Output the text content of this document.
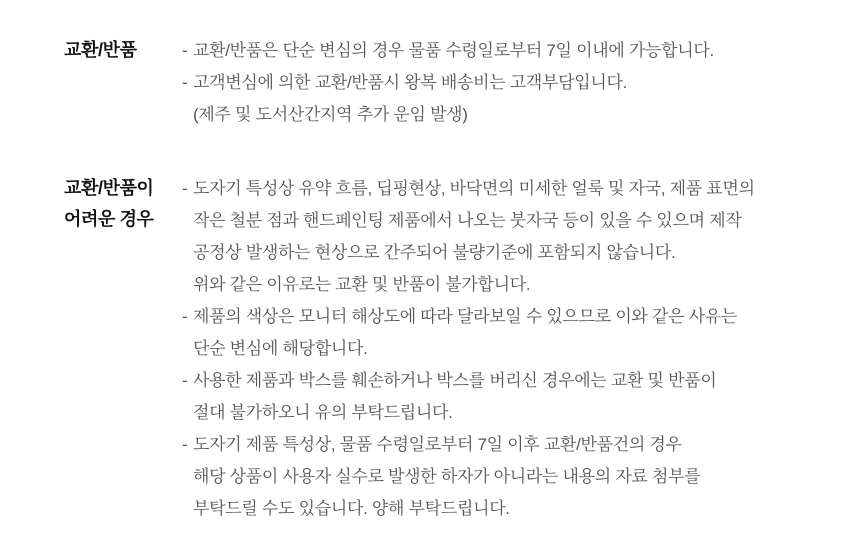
교환/반품	- 교환/반품은 단순 변심의 경우 물품 수령일로부터 7일 이내에 가능합니다.
- 고객변심에 의한 교환/반품시 왕복 배송비는 고객부담입니다.
(제주 및 도서산간지역 추가 운임 발생)
교환/반품이
어려운 경우
- 도자기 특성상 유약 흐름, 딥핑현상, 바닥면의 미세한 얼룩 및 자국, 제품 표면의
작은 철분 점과 핸드페인팅 제품에서 나오는 붓자국 등이 있을 수 있으며 제작
공정상 발생하는 현상으로 간주되어 불량기준에 포함되지 않습니다.
위와 같은 이유로는 교환 및 반품이 불가합니다.
- 제품의 색상은 모니터 해상도에 따라 달라보일 수 있으므로 이와 같은 사유는
단순 변심에 해당합니다.
- 사용한 제품과 박스를 훼손하거나 박스를 버리신 경우에는 교환 및 반품이
절대 불가하오니 유의 부탁드립니다.
- 도자기 제품 특성상, 물품 수령일로부터 7일 이후 교환/반품건의 경우
해당 상품이 사용자 실수로 발생한 하자가 아니라는 내용의 자료 첨부를
부탁드릴 수도 있습니다. 양해 부탁드립니다.
